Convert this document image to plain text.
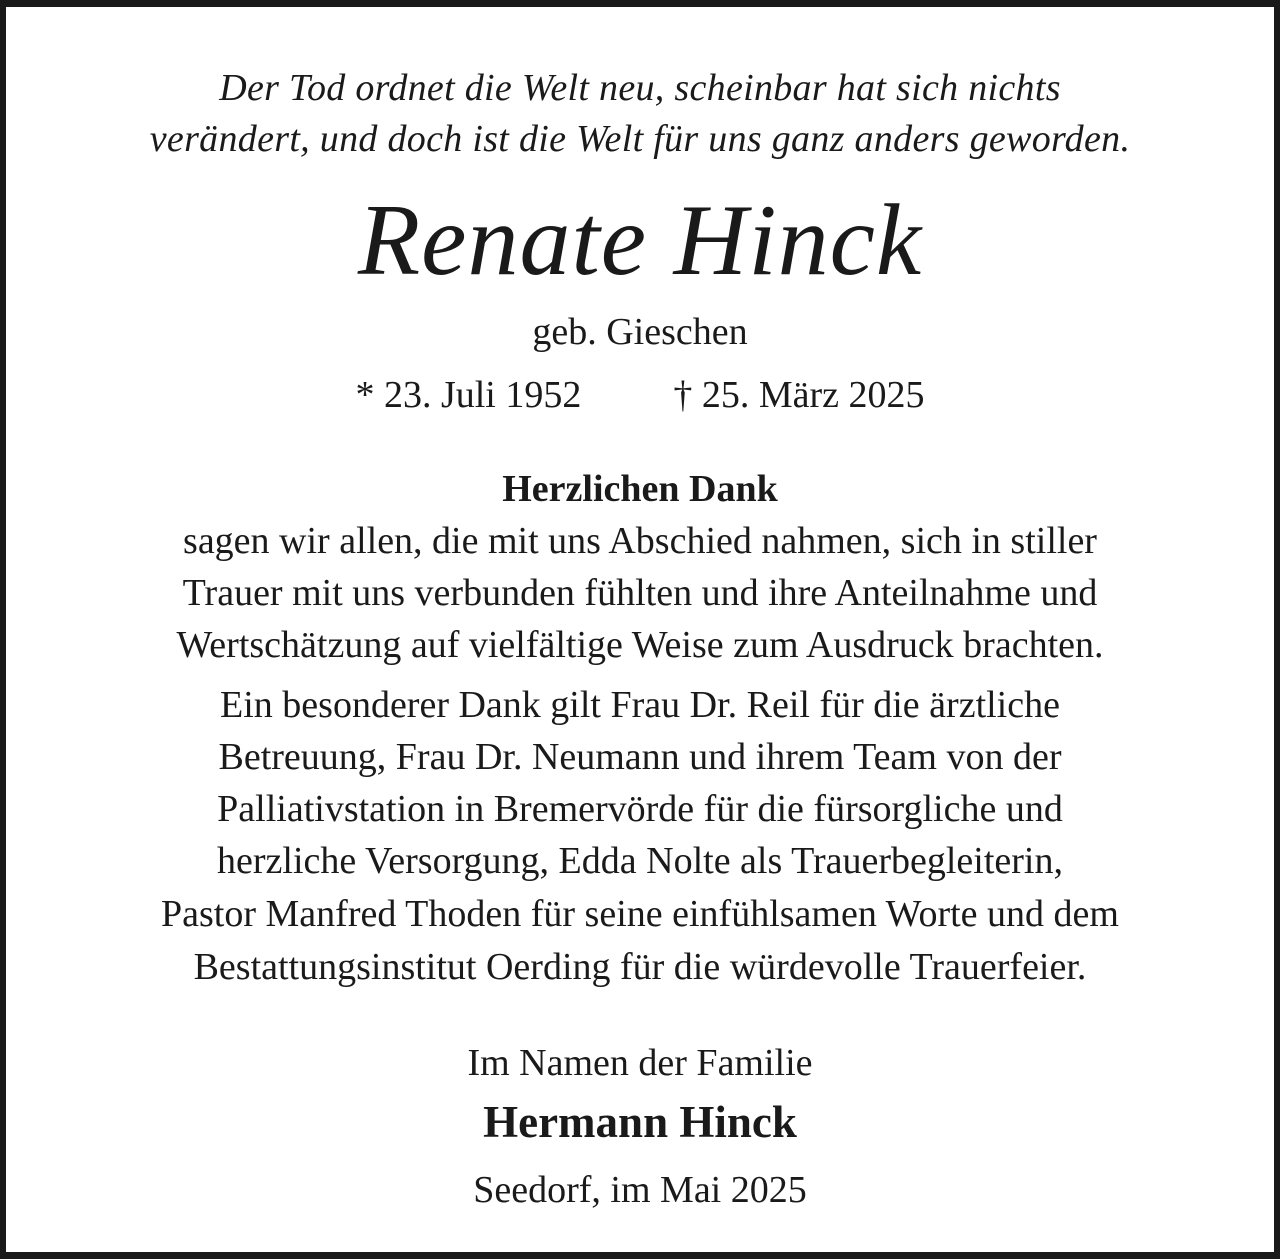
Der Tod ordnet die Welt neu, scheinbar hat sich nichts

verändert, und doch ist die Welt für uns ganz anders geworden.

Renate Hinck

geb. Gieschen

* 23. Juli 1952 † 25. März 2025

Herzlichen Dank

sagen wir allen, die mit uns Abschied nahmen, sich in stiller

Trauer mit uns verbunden fühlten und ihre Anteilnahme und

Wertschätzung auf vielfältige Weise zum Ausdruck brachten.

Ein besonderer Dank gilt Frau Dr. Reil für die ärztliche

Betreuung, Frau Dr. Neumann und ihrem Team von der

Palliativstation in Bremervörde für die fürsorgliche und

herzliche Versorgung, Edda Nolte als Trauerbegleiterin,

Pastor Manfred Thoden für seine einfühlsamen Worte und dem

Bestattungsinstitut Oerding für die würdevolle Trauerfeier.

Im Namen der Familie

Hermann Hinck

Seedorf, im Mai 2025
